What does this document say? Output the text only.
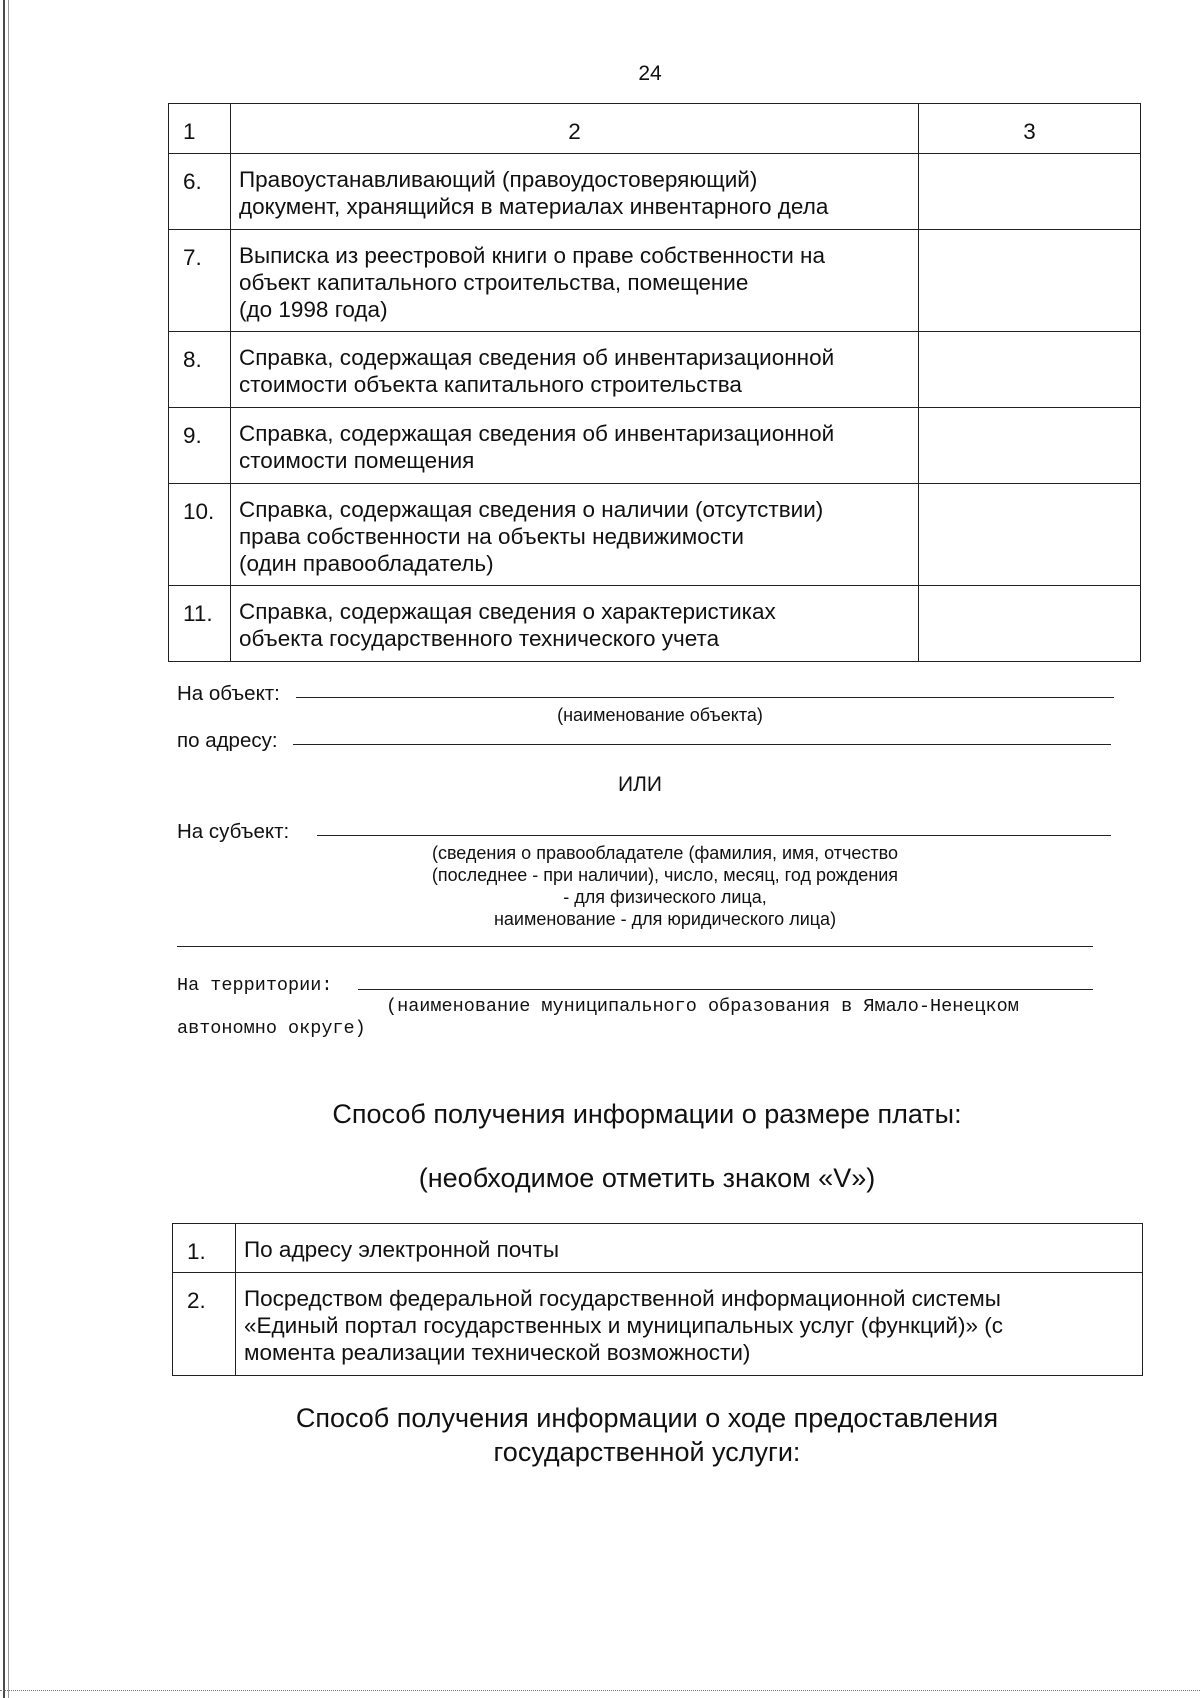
24
1	2	3
6.	Правоустанавливающий (правоудостоверяющий)
документ, хранящийся в материалах инвентарного дела	

7.	Выписка из реестровой книги о праве собственности на
объект капитального строительства, помещение
(до 1998 года)	

8.	Справка, содержащая сведения об инвентаризационной
стоимости объекта капитального строительства	

9.	Справка, содержащая сведения об инвентаризационной
стоимости помещения	

10.	Справка, содержащая сведения о наличии (отсутствии)
права собственности на объекты недвижимости
(один правообладатель)	

11.	Справка, содержащая сведения о характеристиках
объекта государственного технического учета	

На объект:
(наименование объекта)
по адресу:
ИЛИ
На субъект:
(сведения о правообладателе (фамилия, имя, отчество
(последнее - при наличии), число, месяц, год рождения
- для физического лица,
наименование - для юридического лица)
На территории:
(наименование муниципального образования в Ямало-Ненецком
автономно округе)
Способ получения информации о размере платы:
(необходимое отметить знаком «V»)
1.	По адресу электронной почты

2.	Посредством федеральной государственной информационной системы
«Единый портал государственных и муниципальных услуг (функций)» (с
момента реализации технической возможности)
Способ получения информации о ходе предоставления
государственной услуги:
